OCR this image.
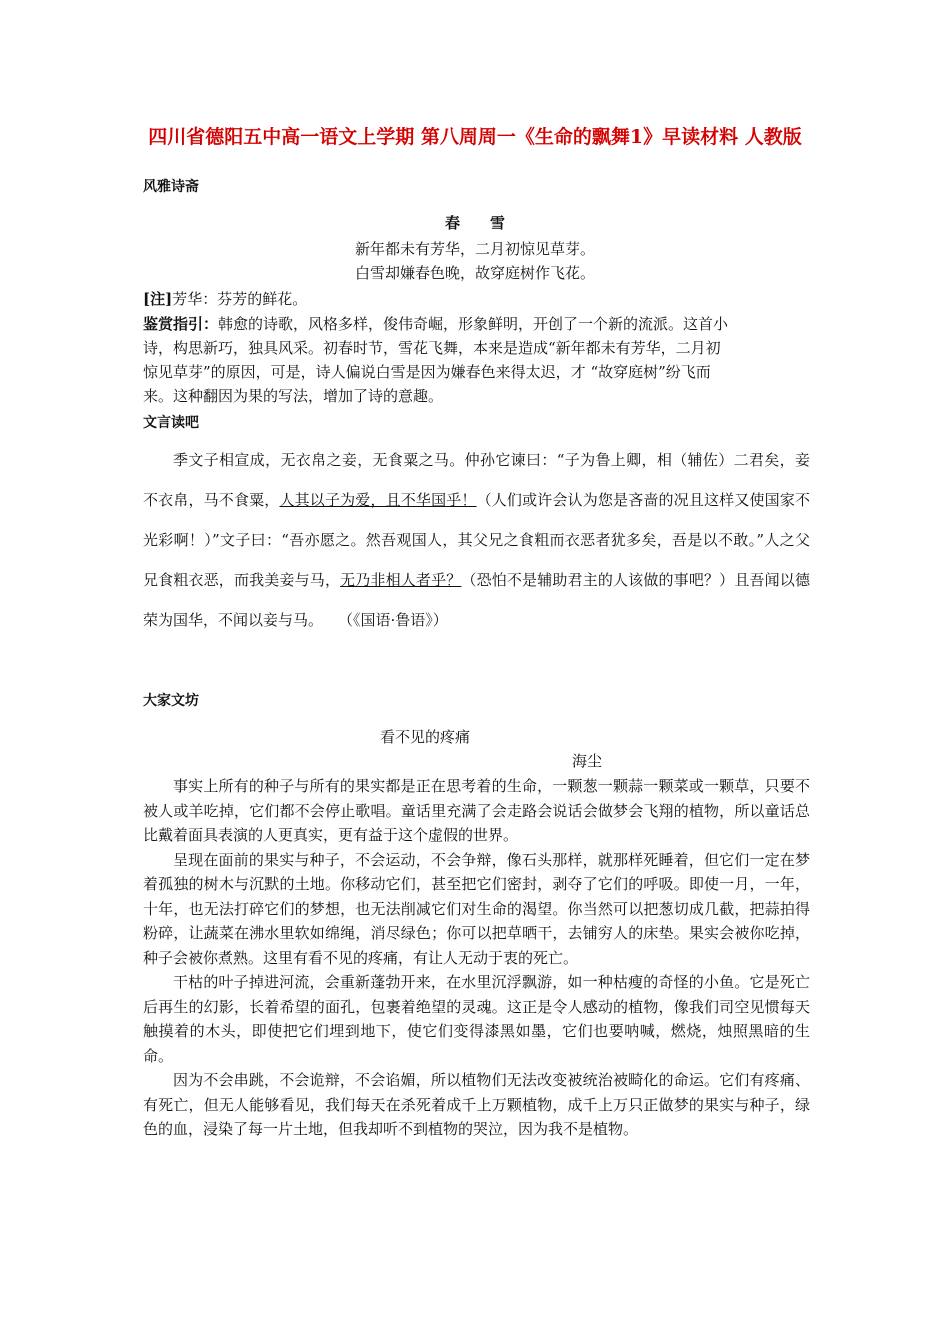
四川省德阳五中高一语文上学期 第八周周一《生命的飘舞1》早读材料 人教版
风雅诗斋
春　　雪
新年都未有芳华，二月初惊见草芽。
白雪却嫌春色晚，故穿庭树作飞花。
[注]芳华：芬芳的鲜花。
鉴赏指引：韩愈的诗歌，风格多样，俊伟奇崛，形象鲜明，开创了一个新的流派。这首小
诗，构思新巧，独具风采。初春时节，雪花飞舞，本来是造成“新年都未有芳华，二月初
惊见草芽”的原因，可是，诗人偏说白雪是因为嫌春色来得太迟，才 “故穿庭树”纷飞而
来。这种翻因为果的写法，增加了诗的意趣。
文言读吧

季文子相宣成，无衣帛之妾，无食粟之马。仲孙它谏曰：“子为鲁上卿，相（辅佐）二君矣，妾不衣帛，马不食粟，人其以子为爱，且不华国乎！（人们或许会认为您是吝啬的况且这样又使国家不光彩啊！）”文子曰：“吾亦愿之。然吾观国人，其父兄之食粗而衣恶者犹多矣，吾是以不敢。”人之父兄食粗衣恶，而我美妾与马，无乃非相人者乎？（恐怕不是辅助君主的人该做的事吧？）且吾闻以德荣为国华，不闻以妾与马。　　（《国语·鲁语》）

大家文坊
看不见的疼痛
海尘

事实上所有的种子与所有的果实都是正在思考着的生命，一颗葱一颗蒜一颗菜或一颗草，只要不被人或羊吃掉，它们都不会停止歌唱。童话里充满了会走路会说话会做梦会飞翔的植物，所以童话总比戴着面具表演的人更真实，更有益于这个虚假的世界。

呈现在面前的果实与种子，不会运动，不会争辩，像石头那样，就那样死睡着，但它们一定在梦着孤独的树木与沉默的土地。你移动它们，甚至把它们密封，剥夺了它们的呼吸。即使一月，一年，十年，也无法打碎它们的梦想，也无法削减它们对生命的渴望。你当然可以把葱切成几截，把蒜拍得粉碎，让蔬菜在沸水里软如绵绳，消尽绿色；你可以把草晒干，去铺穷人的床垫。果实会被你吃掉，种子会被你煮熟。这里有看不见的疼痛，有让人无动于衷的死亡。

干枯的叶子掉进河流，会重新蓬勃开来，在水里沉浮飘游，如一种枯瘦的奇怪的小鱼。它是死亡后再生的幻影，长着希望的面孔，包裹着绝望的灵魂。这正是令人感动的植物，像我们司空见惯每天触摸着的木头，即使把它们埋到地下，使它们变得漆黑如墨，它们也要呐喊，燃烧，烛照黑暗的生命。

因为不会串跳，不会诡辩，不会谄媚，所以植物们无法改变被统治被畸化的命运。它们有疼痛、有死亡，但无人能够看见，我们每天在杀死着成千上万颗植物，成千上万只正做梦的果实与种子，绿色的血，浸染了每一片土地，但我却听不到植物的哭泣，因为我不是植物。
